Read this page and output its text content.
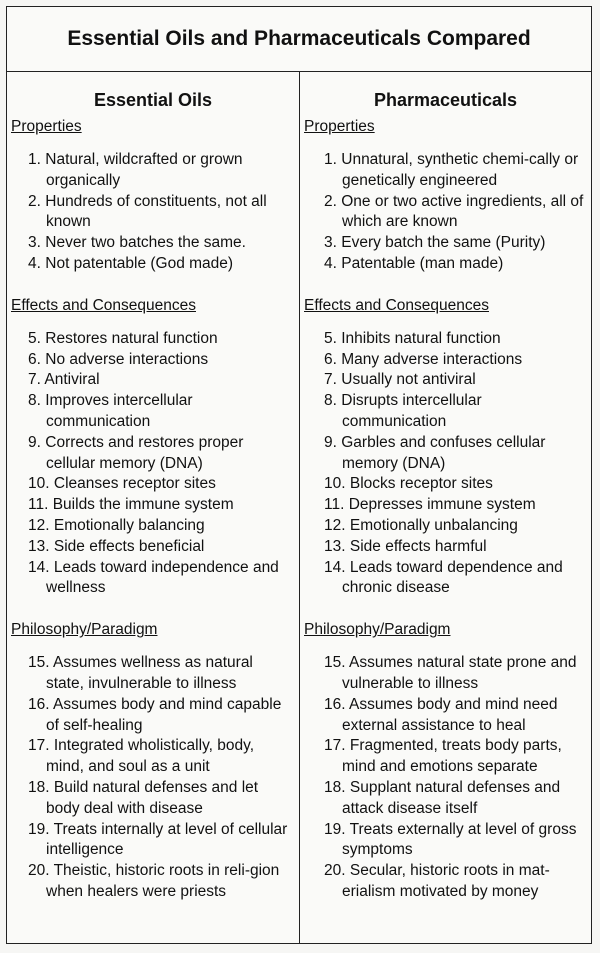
Essential Oils and Pharmaceuticals Compared
Essential Oils
Properties
1. Natural, wildcrafted or grown organically
2. Hundreds of constituents, not all known
3. Never two batches the same.
4. Not patentable (God made)
Effects and Consequences
5. Restores natural function
6. No adverse interactions
7. Antiviral
8. Improves intercellular communication
9. Corrects and restores proper cellular memory (DNA)
10. Cleanses receptor sites
11. Builds the immune system
12. Emotionally balancing
13. Side effects beneficial
14. Leads toward independence and wellness
Philosophy/Paradigm
15. Assumes wellness as natural state, invulnerable to illness
16. Assumes body and mind capable of self-healing
17. Integrated wholistically, body, mind, and soul as a unit
18. Build natural defenses and let body deal with disease
19. Treats internally at level of cellular intelligence
20. Theistic, historic roots in reli-gion when healers were priests
Pharmaceuticals
Properties
1. Unnatural, synthetic chemi-cally or genetically engineered
2. One or two active ingredients, all of which are known
3. Every batch the same (Purity)
4. Patentable (man made)
Effects and Consequences
5. Inhibits natural function
6. Many adverse interactions
7. Usually not antiviral
8. Disrupts intercellular communication
9. Garbles and confuses cellular memory (DNA)
10. Blocks receptor sites
11. Depresses immune system
12. Emotionally unbalancing
13. Side effects harmful
14. Leads toward dependence and chronic disease
Philosophy/Paradigm
15. Assumes natural state prone and vulnerable to illness
16. Assumes body and mind need external assistance to heal
17. Fragmented, treats body parts, mind and emotions separate
18. Supplant natural defenses and attack disease itself
19. Treats externally at level of gross symptoms
20. Secular, historic roots in mat-erialism motivated by money
